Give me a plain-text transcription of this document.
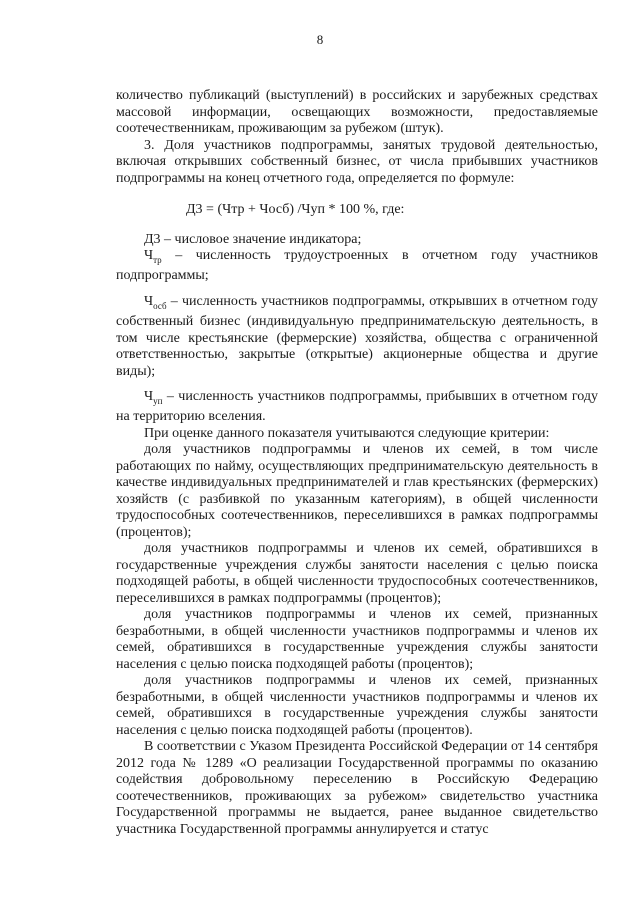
8

количество публикаций (выступлений) в российских и зарубежных средствах массовой информации, освещающих возможности, предоставляемые соотечественникам, проживающим за рубежом (штук).

3. Доля участников подпрограммы, занятых трудовой деятельностью, включая открывших собственный бизнес, от числа прибывших участников подпрограммы на конец отчетного года, определяется по формуле:

Д3 = (Чтр + Чосб) /Чуп * 100 %, где:

Д3 – числовое значение индикатора;

$Ч_{тр}$ – численность трудоустроенных в отчетном году участников подпрограммы;

$Ч_{осб}$ – численность участников подпрограммы, открывших в отчетном году собственный бизнес (индивидуальную предпринимательскую деятельность, в том числе крестьянские (фермерские) хозяйства, общества с ограниченной ответственностью, закрытые (открытые) акционерные общества и другие виды);

$Ч_{уп}$ – численность участников подпрограммы, прибывших в отчетном году на территорию вселения.

При оценке данного показателя учитываются следующие критерии:

доля участников подпрограммы и членов их семей, в том числе работающих по найму, осуществляющих предпринимательскую деятельность в качестве индивидуальных предпринимателей и глав крестьянских (фермерских) хозяйств (с разбивкой по указанным категориям), в общей численности трудоспособных соотечественников, переселившихся в рамках подпрограммы (процентов);

доля участников подпрограммы и членов их семей, обратившихся в государственные учреждения службы занятости населения с целью поиска подходящей работы, в общей численности трудоспособных соотечественников, переселившихся в рамках подпрограммы (процентов);

доля участников подпрограммы и членов их семей, признанных безработными, в общей численности участников подпрограммы и членов их семей, обратившихся в государственные учреждения службы занятости населения с целью поиска подходящей работы (процентов);

доля участников подпрограммы и членов их семей, признанных безработными, в общей численности участников подпрограммы и членов их семей, обратившихся в государственные учреждения службы занятости населения с целью поиска подходящей работы (процентов).

В соответствии с Указом Президента Российской Федерации от 14 сентября 2012 года № 1289 «О реализации Государственной программы по оказанию содействия добровольному переселению в Российскую Федерацию соотечественников, проживающих за рубежом» свидетельство участника Государственной программы не выдается, ранее выданное свидетельство участника Государственной программы аннулируется и статус
